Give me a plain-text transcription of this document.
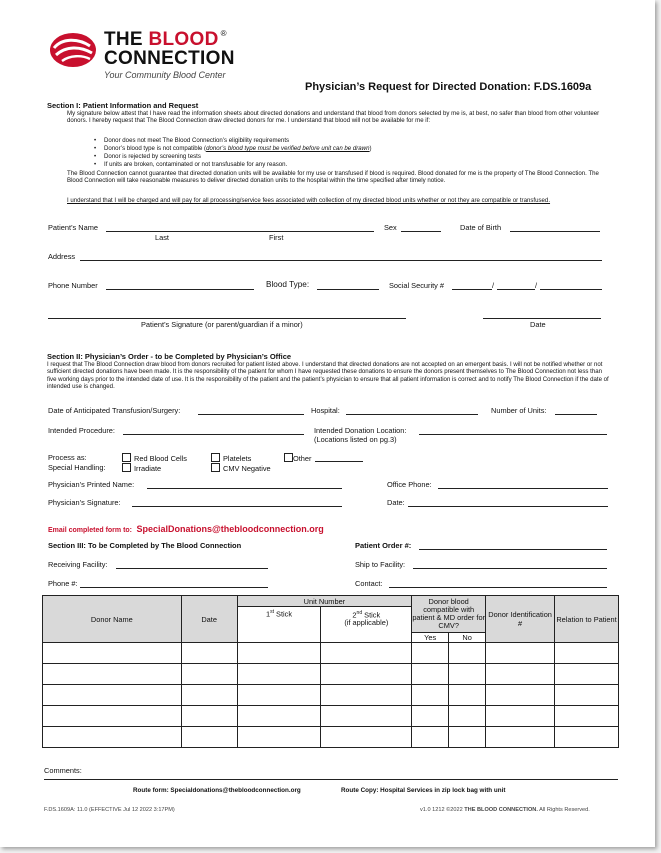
THE BLOOD ®
CONNECTION
Your Community Blood Center
Physician’s Request for Directed Donation: F.DS.1609a
Section I: Patient Information and Request
My signature below attest that I have read the information sheets about directed donations and understand that blood from donors selected by me is, at best, no safer than blood from other volunteer donors. I hereby request that The Blood Connection draw directed donors for me. I understand that blood will not be available for me if:
• Donor does not meet The Blood Connection’s eligibility requirements
• Donor’s blood type is not compatible (donor’s blood type must be verified before unit can be drawn)
• Donor is rejected by screening tests
• If units are broken, contaminated or not transfusable for any reason.
The Blood Connection cannot guarantee that directed donation units will be available for my use or transfused if blood is required. Blood donated for me is the property of The Blood Connection. The Blood Connection will take reasonable measures to deliver directed donation units to the hospital within the time specified after timely notice.
I understand that I will be charged and will pay for all processing/service fees associated with collection of my directed blood units whether or not they are compatible or transfused.
Patient’s Name
Last	First
Sex	Date of Birth
Address
Phone Number	Blood Type:	Social Security #	/	/
Patient’s Signature (or parent/guardian if a minor)	Date
Section II: Physician’s Order - to be Completed by Physician’s Office
I request that The Blood Connection draw blood from donors recruited for patient listed above. I understand that directed donations are not accepted on an emergent basis. I will not be notified whether or not sufficient directed donations have been made. It is the responsibility of the patient for whom I have requested these donations to ensure the donors present themselves to The Blood Connection not less than five working days prior to the intended date of use. It is the responsibility of the patient and the patient’s physician to ensure that all patient information is correct and to notify The Blood Connection if the date of intended use is changed.
Date of Anticipated Transfusion/Surgery:	Hospital:	Number of Units:
Intended Procedure:	Intended Donation Location:
(Locations listed on pg.3)
Process as:
Special Handling:
Red Blood Cells	Platelets	Other
Irradiate	CMV Negative
Physician’s Printed Name:	Office Phone:
Physician’s Signature:	Date:
Email completed form to: SpecialDonations@thebloodconnection.org
Section III: To be Completed by The Blood Connection	Patient Order #:
Receiving Facility:	Ship to Facility:
Phone #:	Contact:
Donor Name	Date	Unit Number		Donor blood compatible with patient & MD order for CMV?		Donor Identification #	Relation to Patient
		1st Stick	2nd Stick
(if applicable)				
				Yes	No		

Comments:
Route form: Specialdonations@thebloodconnection.org	Route Copy: Hospital Services in zip lock bag with unit
F.DS.1609A: 11.0 (EFFECTIVE Jul 12 2022 3:17PM)	v1.0 1212 ©2022 THE BLOOD CONNECTION. All Rights Reserved.
